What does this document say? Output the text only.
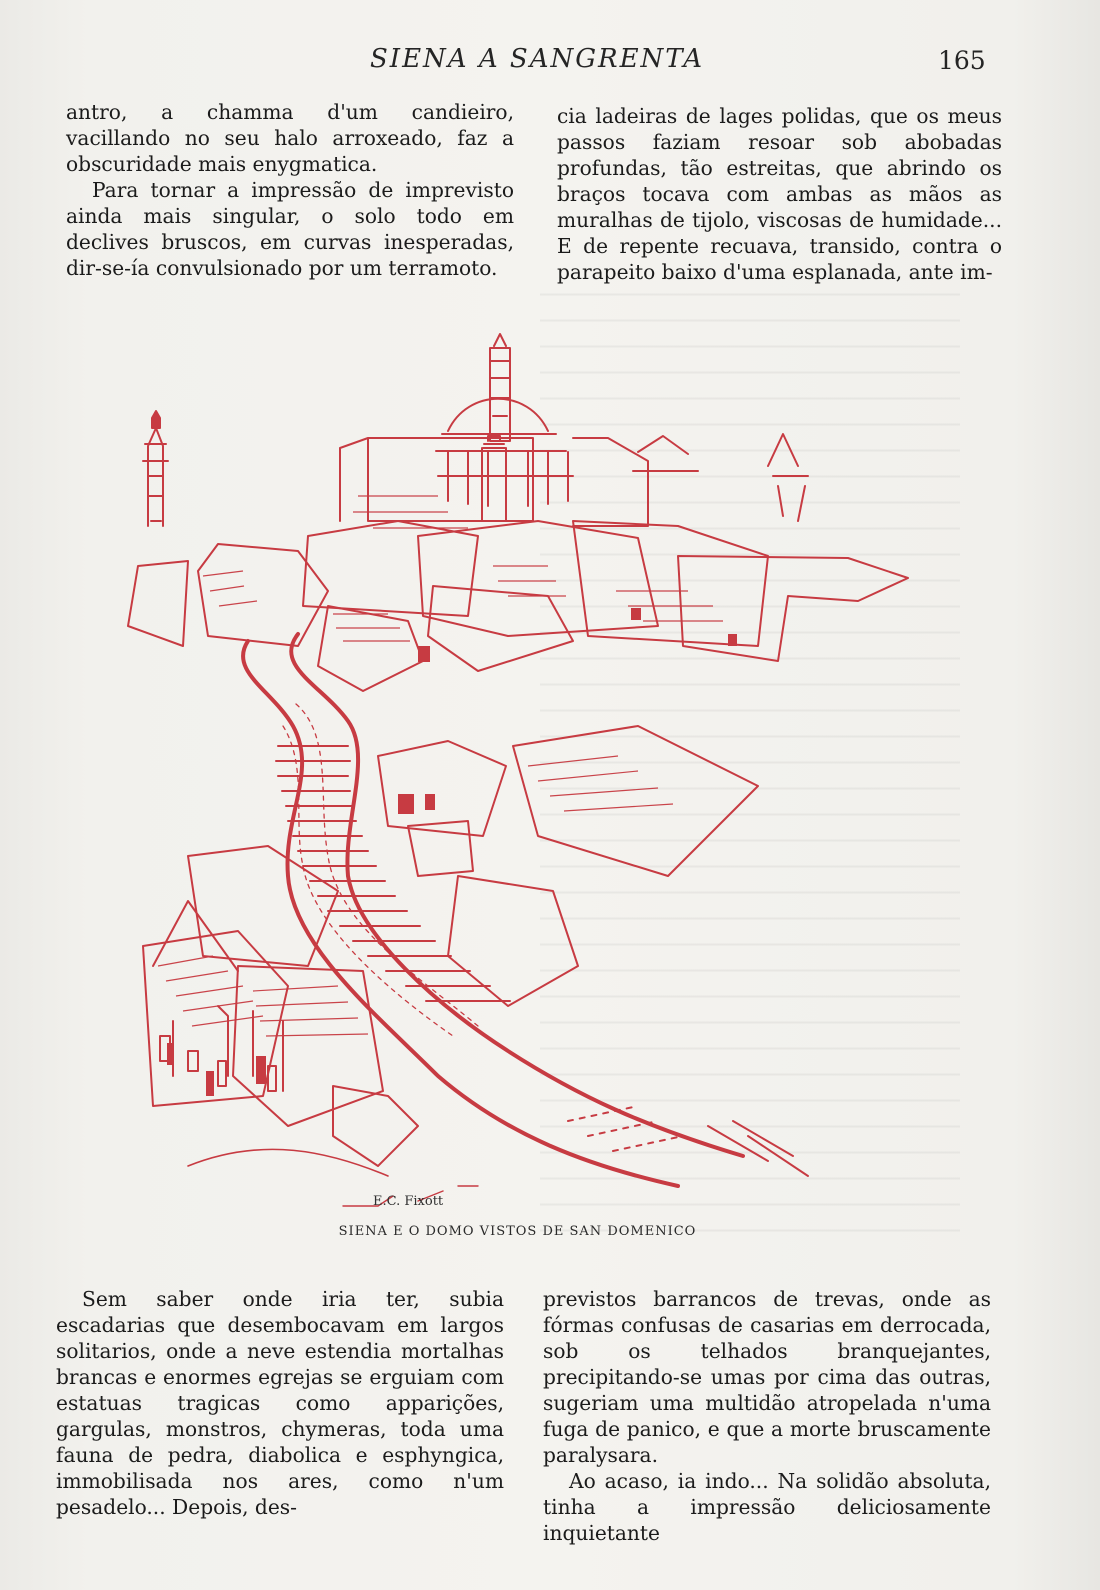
SIENA A SANGRENTA	165

antro, a chamma d'um candieiro, vacillando no seu halo arroxeado, faz a obscuridade mais enygmatica.

Para tornar a impressão de imprevisto ainda mais singular, o solo todo em declives bruscos, em curvas inesperadas, dir-se-ía convulsionado por um terramoto.

cia ladeiras de lages polidas, que os meus passos faziam resoar sob abobadas profundas, tão estreitas, que abrindo os braços tocava com ambas as mãos as muralhas de tijolo, viscosas de humidade... E de repente recuava, transido, contra o parapeito baixo d'uma esplanada, ante im-

E.C. Fixott
SIENA E O DOMO VISTOS DE SAN DOMENICO

Sem saber onde iria ter, subia escadarias que desembocavam em largos solitarios, onde a neve estendia mortalhas brancas e enormes egrejas se erguiam com estatuas tragicas como apparições, gargulas, monstros, chymeras, toda uma fauna de pedra, diabolica e esphyngica, immobilisada nos ares, como n'um pesadelo... Depois, des-

previstos barrancos de trevas, onde as fórmas confusas de casarias em derrocada, sob os telhados branquejantes, precipitando-se umas por cima das outras, sugeriam uma multidão atropelada n'uma fuga de panico, e que a morte bruscamente paralysara.

Ao acaso, ia indo... Na solidão absoluta, tinha a impressão deliciosamente inquietante
